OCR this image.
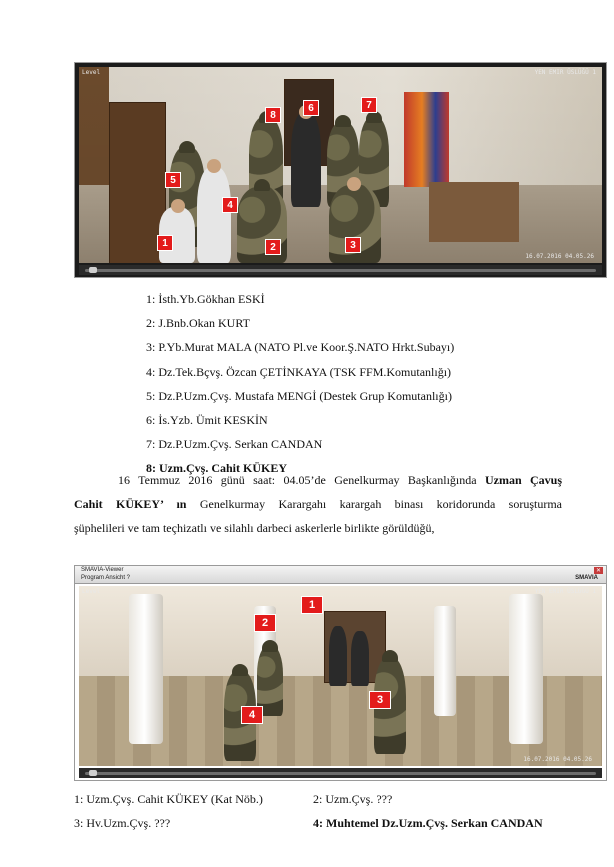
Level	YEN EMIR ÜSLÜĞÜ 1
16.07.2016 04.05.26
1	2	3
4
5
6	7
8
1: İsth.Yb.Gökhan ESKİ
2: J.Bnb.Okan KURT
3: P.Yb.Murat MALA (NATO Pl.ve Koor.Ş.NATO Hrkt.Subayı)
4: Dz.Tek.Bçvş. Özcan ÇETİNKAYA (TSK FFM.Komutanlığı)
5: Dz.P.Uzm.Çvş. Mustafa MENGİ (Destek Grup Komutanlığı)
6: İs.Yzb. Ümit KESKİN
7: Dz.P.Uzm.Çvş. Serkan CANDAN
8: Uzm.Çvş. Cahit KÜKEY
16 Temmuz 2016 günü saat: 04.05’de Genelkurmay Başkanlığında Uzman Çavuş
Cahit KÜKEY’ ın Genelkurmay Karargahı karargah binası koridorunda soruşturma
şüphelileri ve tam teçhizatlı ve silahlı darbeci askerlerle birlikte görüldüğü,
SMAVIA-Viewer
Program Ansicht ?	SMAVIA
✕
Level	YEN EMIR ÜSLÜĞÜ 1
16.07.2016 04.05.26
1
2
3
4
1: Uzm.Çvş. Cahit KÜKEY (Kat Nöb.)	2: Uzm.Çvş. ???
3: Hv.Uzm.Çvş. ???	4: Muhtemel Dz.Uzm.Çvş. Serkan CANDAN
